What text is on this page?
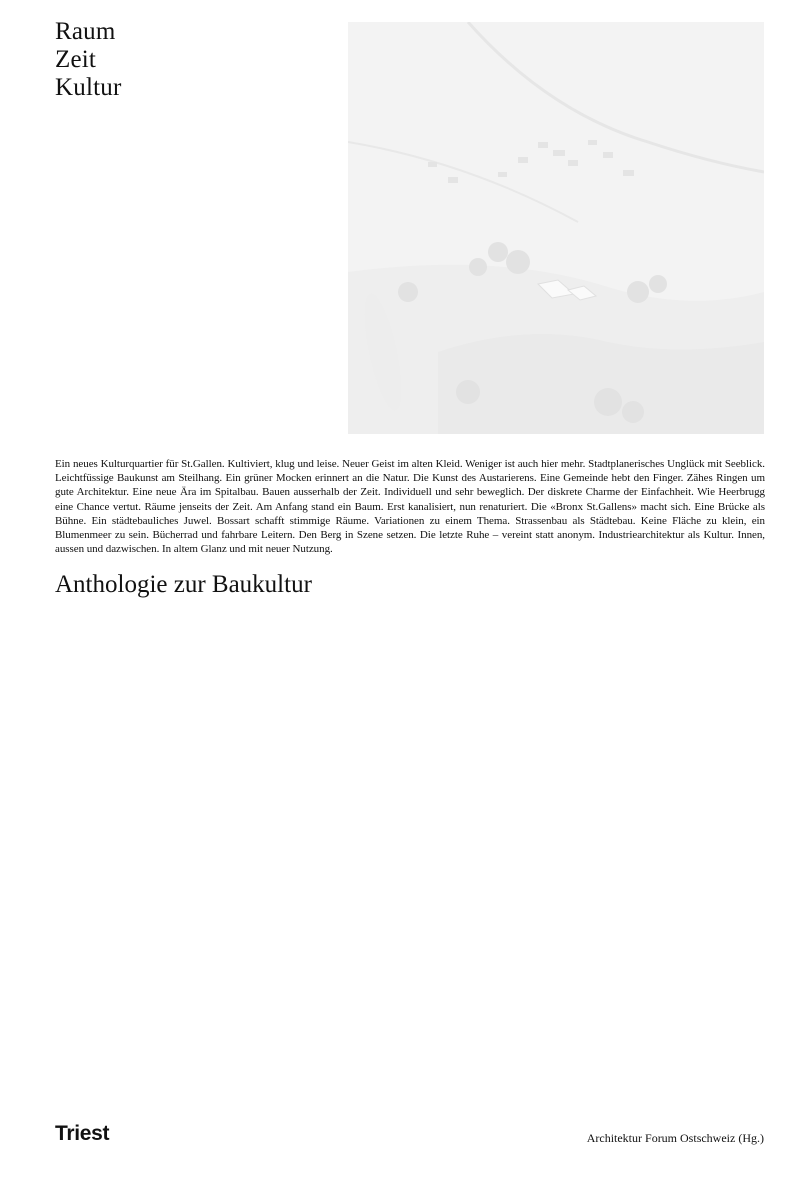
Raum
Zeit
Kultur

Ein neues Kulturquartier für St.Gallen. Kultiviert, klug und leise. Neuer Geist im alten Kleid. Weniger ist auch hier mehr. Stadtplanerisches Unglück mit Seeblick. Leichtfüssige Baukunst am Steilhang. Ein grüner Mocken erinnert an die Natur. Die Kunst des Austarierens. Eine Gemeinde hebt den Finger. Zähes Ringen um gute Architektur. Eine neue Ära im Spitalbau. Bauen ausserhalb der Zeit. Individuell und sehr beweglich. Der diskrete Charme der Einfachheit. Wie Heerbrugg eine Chance vertut. Räume jenseits der Zeit. Am Anfang stand ein Baum. Erst kanalisiert, nun renaturiert. Die «Bronx St.Gallens» macht sich. Eine Brücke als Bühne. Ein städtebauliches Juwel. Bossart schafft stimmige Räume. Variationen zu einem Thema. Strassenbau als Städtebau. Keine Fläche zu klein, ein Blumenmeer zu sein. Bücherrad und fahrbare Leitern. Den Berg in Szene setzen. Die letzte Ruhe – vereint statt anonym. Industriearchitektur als Kultur. Innen, aussen und dazwischen. In altem Glanz und mit neuer Nutzung.

Anthologie zur Baukultur
Triest	Architektur Forum Ostschweiz (Hg.)
